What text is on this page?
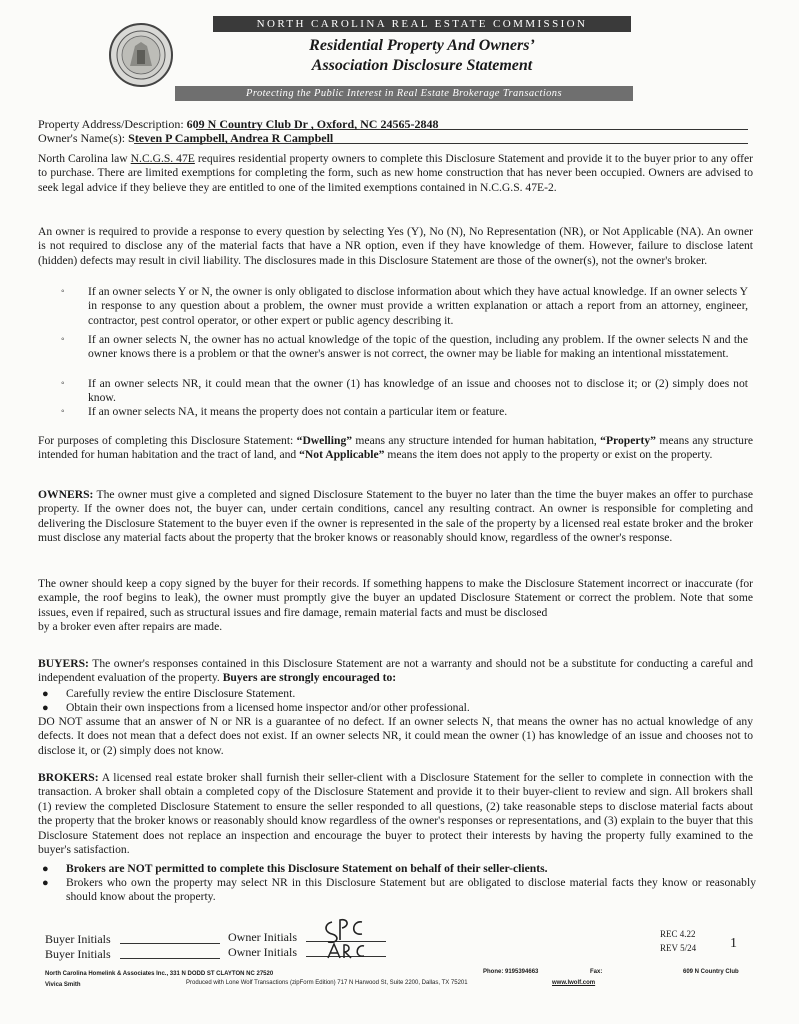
NORTH CAROLINA REAL ESTATE COMMISSION
Residential Property And Owners’
Association Disclosure Statement
Protecting the Public Interest in Real Estate Brokerage Transactions
Property Address/Description: 609 N Country Club Dr , Oxford, NC 24565-2848
Owner's Name(s): Steven P Campbell, Andrea R Campbell

North Carolina law N.C.G.S. 47E requires residential property owners to complete this Disclosure Statement and provide it to the buyer prior to any offer to purchase. There are limited exemptions for completing the form, such as new home construction that has never been occupied. Owners are advised to seek legal advice if they believe they are entitled to one of the limited exemptions contained in N.C.G.S. 47E-2.

An owner is required to provide a response to every question by selecting Yes (Y), No (N), No Representation (NR), or Not Applicable (NA). An owner is not required to disclose any of the material facts that have a NR option, even if they have knowledge of them. However, failure to disclose latent (hidden) defects may result in civil liability. The disclosures made in this Disclosure Statement are those of the owner(s), not the owner's broker.

◦ If an owner selects Y or N, the owner is only obligated to disclose information about which they have actual knowledge. If an owner selects Y in response to any question about a problem, the owner must provide a written explanation or attach a report from an attorney, engineer, contractor, pest control operator, or other expert or public agency describing it.
◦ If an owner selects N, the owner has no actual knowledge of the topic of the question, including any problem. If the owner selects N and the owner knows there is a problem or that the owner's answer is not correct, the owner may be liable for making an intentional misstatement.
◦ If an owner selects NR, it could mean that the owner (1) has knowledge of an issue and chooses not to disclose it; or (2) simply does not know.
◦ If an owner selects NA, it means the property does not contain a particular item or feature.

For purposes of completing this Disclosure Statement: “Dwelling” means any structure intended for human habitation, “Property” means any structure intended for human habitation and the tract of land, and “Not Applicable” means the item does not apply to the property or exist on the property.

OWNERS: The owner must give a completed and signed Disclosure Statement to the buyer no later than the time the buyer makes an offer to purchase property. If the owner does not, the buyer can, under certain conditions, cancel any resulting contract. An owner is responsible for completing and delivering the Disclosure Statement to the buyer even if the owner is represented in the sale of the property by a licensed real estate broker and the broker must disclose any material facts about the property that the broker knows or reasonably should know, regardless of the owner's response.

The owner should keep a copy signed by the buyer for their records. If something happens to make the Disclosure Statement incorrect or inaccurate (for example, the roof begins to leak), the owner must promptly give the buyer an updated Disclosure Statement or correct the problem. Note that some issues, even if repaired, such as structural issues and fire damage, remain material facts and must be disclosed
by a broker even after repairs are made.

BUYERS: The owner's responses contained in this Disclosure Statement are not a warranty and should not be a substitute for conducting a careful and independent evaluation of the property. Buyers are strongly encouraged to:

● Carefully review the entire Disclosure Statement.
● Obtain their own inspections from a licensed home inspector and/or other professional.

DO NOT assume that an answer of N or NR is a guarantee of no defect. If an owner selects N, that means the owner has no actual knowledge of any defects. It does not mean that a defect does not exist. If an owner selects NR, it could mean the owner (1) has knowledge of an issue and chooses not to disclose it, or (2) simply does not know.

BROKERS: A licensed real estate broker shall furnish their seller-client with a Disclosure Statement for the seller to complete in connection with the transaction. A broker shall obtain a completed copy of the Disclosure Statement and provide it to their buyer-client to review and sign. All brokers shall (1) review the completed Disclosure Statement to ensure the seller responded to all questions, (2) take reasonable steps to disclose material facts about the property that the broker knows or reasonably should know regardless of the owner's responses or representations, and (3) explain to the buyer that this Disclosure Statement does not replace an inspection and encourage the buyer to protect their interests by having the property fully examined to the buyer's satisfaction.

● Brokers are NOT permitted to complete this Disclosure Statement on behalf of their seller-clients.
● Brokers who own the property may select NR in this Disclosure Statement but are obligated to disclose material facts they know or reasonably should know about the property.
Buyer Initials
Buyer Initials
Owner Initials
Owner Initials
REC 4.22
REV 5/24 1
North Carolina Homelink & Associates Inc., 331 N DODD ST CLAYTON NC 27520	Phone: 9195394663	Fax:	609 N Country Club
Vivica Smith	Produced with Lone Wolf Transactions (zipForm Edition) 717 N Harwood St, Suite 2200, Dallas, TX 75201	www.lwolf.com
